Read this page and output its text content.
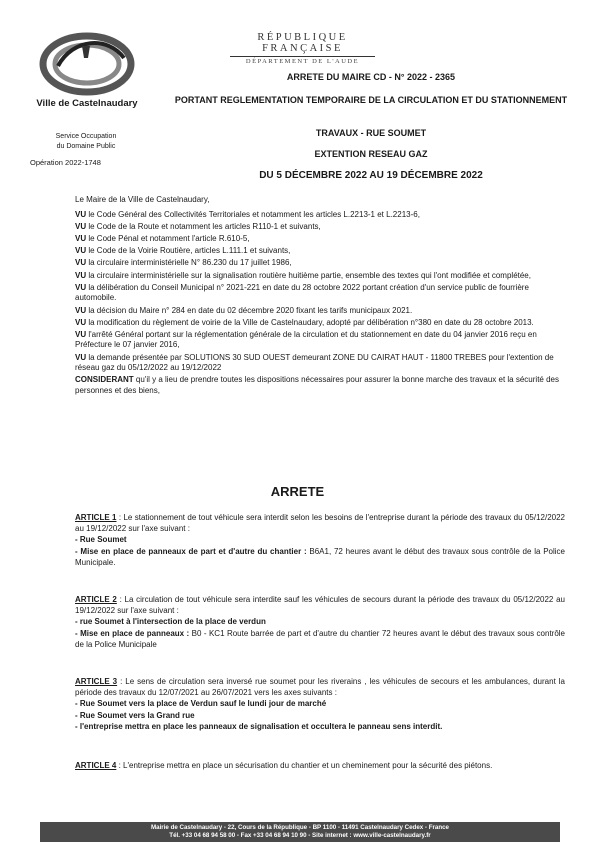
Ville de Castelnaudary
Service Occupation
du Domaine Public
Opération 2022-1748
RÉPUBLIQUE FRANÇAISE
DÉPARTEMENT DE L'AUDE
ARRETE DU MAIRE CD - N° 2022 - 2365
PORTANT REGLEMENTATION TEMPORAIRE DE LA CIRCULATION ET DU STATIONNEMENT
TRAVAUX - RUE SOUMET
EXTENTION RESEAU GAZ
DU 5 DÉCEMBRE 2022 AU 19 DÉCEMBRE 2022

Le Maire de la Ville de Castelnaudary,

VU le Code Général des Collectivités Territoriales et notamment les articles L.2213-1 et L.2213-6,

VU le Code de la Route et notamment les articles R110-1 et suivants,

VU le Code Pénal et notamment l'article R.610-5,

VU le Code de la Voirie Routière, articles L.111.1 et suivants,

VU la circulaire interministérielle N° 86.230 du 17 juillet 1986,

VU la circulaire interministérielle sur la signalisation routière huitième partie, ensemble des textes qui l'ont modifiée et complétée,

VU la délibération du Conseil Municipal n° 2021-221 en date du 28 octobre 2022 portant création d'un service public de fourrière automobile.

VU la décision du Maire n° 284 en date du 02 décembre 2020 fixant les tarifs municipaux 2021.

VU la modification du règlement de voirie de la Ville de Castelnaudary, adopté par délibération n°380 en date du 28 octobre 2013.

VU l'arrêté Général portant sur la réglementation générale de la circulation et du stationnement en date du 04 janvier 2016 reçu en Préfecture le 07 janvier 2016,

VU la demande présentée par SOLUTIONS 30 SUD OUEST demeurant ZONE DU CAIRAT HAUT - 11800 TREBES pour l'extention de réseau gaz du 05/12/2022 au 19/12/2022

CONSIDERANT qu'il y a lieu de prendre toutes les dispositions nécessaires pour assurer la bonne marche des travaux et la sécurité des personnes et des biens,

ARRETE
ARTICLE 1 : Le stationnement de tout véhicule sera interdit selon les besoins de l'entreprise durant la période des travaux du 05/12/2022 au 19/12/2022 sur l'axe suivant :
- Rue Soumet
- Mise en place de panneaux de part et d'autre du chantier : B6A1, 72 heures avant le début des travaux sous contrôle de la Police Municipale.
ARTICLE 2 : La circulation de tout véhicule sera interdite sauf les véhicules de secours durant la période des travaux du 05/12/2022 au 19/12/2022 sur l'axe suivant :
- rue Soumet à l'intersection de la place de verdun
- Mise en place de panneaux : B0 - KC1 Route barrée de part et d'autre du chantier 72 heures avant le début des travaux sous contrôle de la Police Municipale
ARTICLE 3 : Le sens de circulation sera inversé rue soumet pour les riverains , les véhicules de secours et les ambulances, durant la période des travaux du 12/07/2021 au 26/07/2021 vers les axes suivants :
- Rue Soumet vers la place de Verdun sauf le lundi jour de marché
- Rue Soumet vers la Grand rue
- l'entreprise mettra en place les panneaux de signalisation et occultera le panneau sens interdit.
ARTICLE 4 : L'entreprise mettra en place un sécurisation du chantier et un cheminement pour la sécurité des piétons.
Mairie de Castelnaudary - 22, Cours de la République - BP 1100 - 11491 Castelnaudary Cedex - France
Tél. +33 04 68 94 58 00 - Fax +33 04 68 94 10 90 - Site internet : www.ville-castelnaudary.fr
